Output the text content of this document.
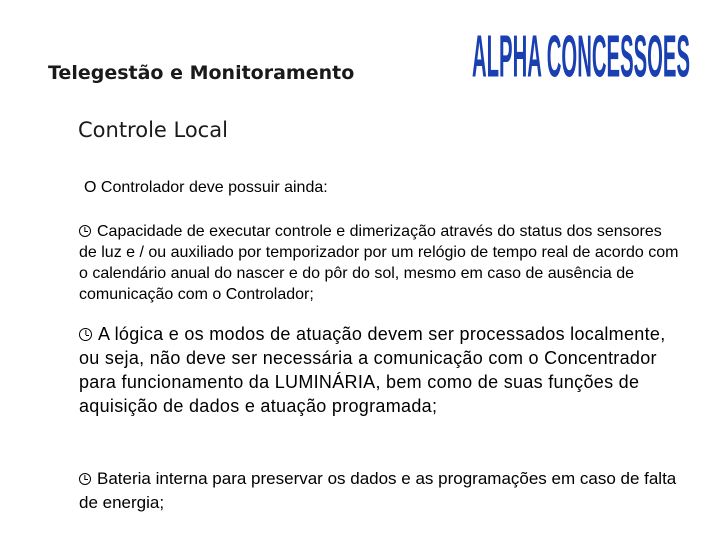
Telegestão e Monitoramento	ALPHA CONCESSOES
Controle Local
O Controlador deve possuir ainda:
Capacidade de executar controle e dimerização através do status dos sensores de luz e / ou auxiliado por temporizador por um relógio de tempo real de acordo com o calendário anual do nascer e do pôr do sol, mesmo em caso de ausência de comunicação com o Controlador;
A lógica e os modos de atuação devem ser processados localmente, ou seja, não deve ser necessária a comunicação com o Concentrador para funcionamento da LUMINÁRIA, bem como de suas funções de aquisição de dados e atuação programada;
Bateria interna para preservar os dados e as programações em caso de falta de energia;
